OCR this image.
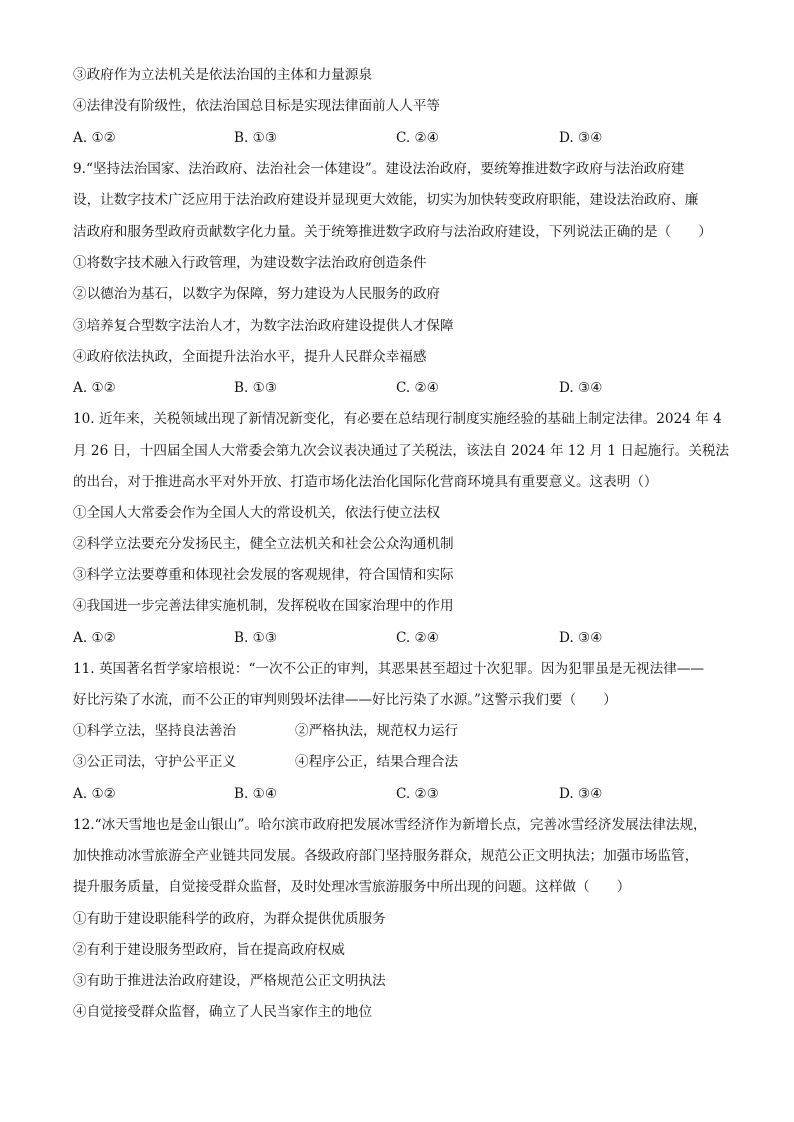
③政府作为立法机关是依法治国的主体和力量源泉
④法律没有阶级性，依法治国总目标是实现法律面前人人平等
A. ①②	B. ①③	C. ②④	D. ③④
9.“坚持法治国家、法治政府、法治社会一体建设”。建设法治政府，要统筹推进数字政府与法治政府建
设，让数字技术广泛应用于法治政府建设并显现更大效能，切实为加快转变政府职能，建设法治政府、廉
洁政府和服务型政府贡献数字化力量。关于统筹推进数字政府与法治政府建设，下列说法正确的是（　　）
①将数字技术融入行政管理，为建设数字法治政府创造条件
②以德治为基石，以数字为保障，努力建设为人民服务的政府
③培养复合型数字法治人才，为数字法治政府建设提供人才保障
④政府依法执政，全面提升法治水平，提升人民群众幸福感
A. ①②	B. ①③	C. ②④	D. ③④
10. 近年来，关税领域出现了新情况新变化，有必要在总结现行制度实施经验的基础上制定法律。2024 年 4
月 26 日，十四届全国人大常委会第九次会议表决通过了关税法，该法自 2024 年 12 月 1 日起施行。关税法
的出台，对于推进高水平对外开放、打造市场化法治化国际化营商环境具有重要意义。这表明（）
①全国人大常委会作为全国人大的常设机关，依法行使立法权
②科学立法要充分发扬民主，健全立法机关和社会公众沟通机制
③科学立法要尊重和体现社会发展的客观规律，符合国情和实际
④我国进一步完善法律实施机制，发挥税收在国家治理中的作用
A. ①②	B. ①③	C. ②④	D. ③④
11. 英国著名哲学家培根说：“一次不公正的审判，其恶果甚至超过十次犯罪。因为犯罪虽是无视法律——
好比污染了水流，而不公正的审判则毁坏法律——好比污染了水源。”这警示我们要（　　）
①科学立法，坚持良法善治	②严格执法，规范权力运行
③公正司法，守护公平正义	④程序公正，结果合理合法
A. ①②	B. ①④	C. ②③	D. ③④
12.“冰天雪地也是金山银山”。哈尔滨市政府把发展冰雪经济作为新增长点，完善冰雪经济发展法律法规，
加快推动冰雪旅游全产业链共同发展。各级政府部门坚持服务群众，规范公正文明执法；加强市场监管，
提升服务质量，自觉接受群众监督，及时处理冰雪旅游服务中所出现的问题。这样做（　　）
①有助于建设职能科学的政府，为群众提供优质服务
②有利于建设服务型政府，旨在提高政府权威
③有助于推进法治政府建设，严格规范公正文明执法
④自觉接受群众监督，确立了人民当家作主的地位
